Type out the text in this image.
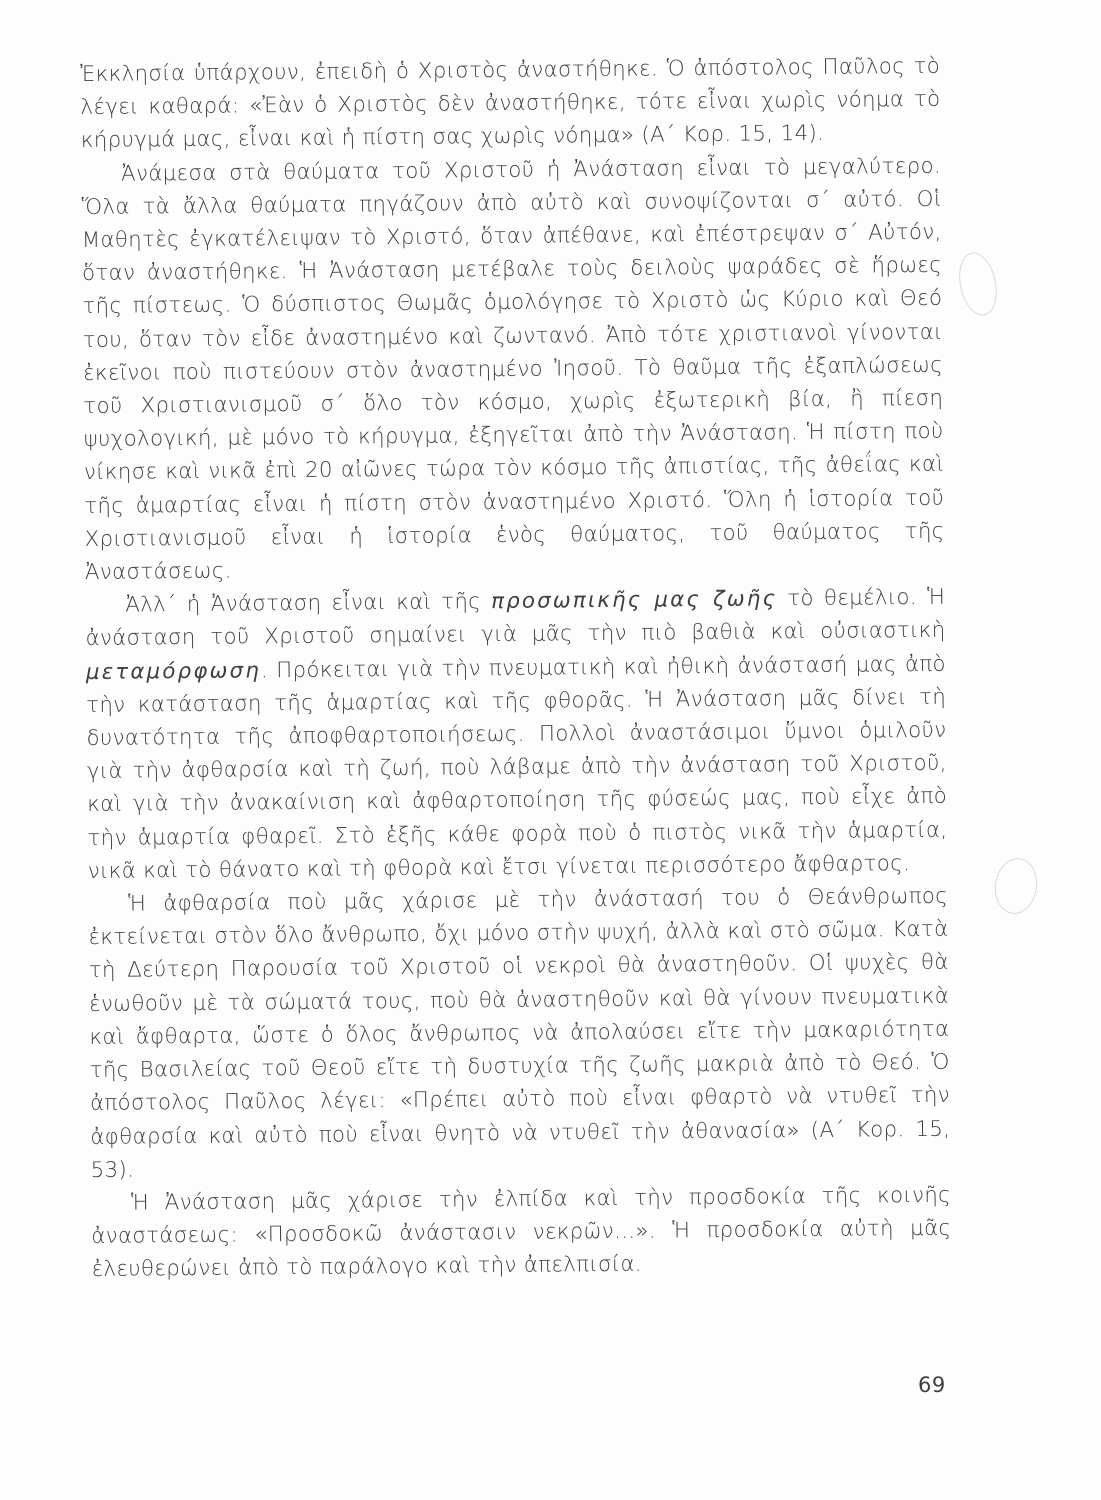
Ἐκκλησία ὑπάρχουν, ἐπειδὴ ὁ Χριστὸς ἀναστήθηκε. Ὁ ἀπόστολος Παῦλος τὸ λέγει καθαρά: «Ἐὰν ὁ Χριστὸς δὲν ἀναστήθηκε, τότε εἶναι χωρὶς νόημα τὸ κήρυγμά μας, εἶναι καὶ ἡ πίστη σας χωρὶς νόημα» (Α΄ Κορ. 15, 14).

Ἀνάμεσα στὰ θαύματα τοῦ Χριστοῦ ἡ Ἀνάσταση εἶναι τὸ μεγαλύτερο. Ὅλα τὰ ἄλλα θαύματα πηγάζουν ἀπὸ αὐτὸ καὶ συνοψίζονται σ΄ αὐτό. Οἱ Μαθητὲς ἐγκατέλειψαν τὸ Χριστό, ὅταν ἀπέθανε, καὶ ἐπέστρεψαν σ΄ Αὐτόν, ὅταν ἀναστήθηκε. Ἡ Ἀνάσταση μετέβαλε τοὺς δειλοὺς ψαράδες σὲ ἥρωες τῆς πίστεως. Ὁ δύσπιστος Θωμᾶς ὁμολόγησε τὸ Χριστὸ ὡς Κύριο καὶ Θεό του, ὅταν τὸν εἶδε ἀναστημένο καὶ ζωντανό. Ἀπὸ τότε χριστιανοὶ γίνονται ἐκεῖνοι ποὺ πιστεύουν στὸν ἀναστημένο Ἰησοῦ. Τὸ θαῦμα τῆς ἐξαπλώσεως τοῦ Χριστιανισμοῦ σ΄ ὅλο τὸν κόσμο, χωρὶς ἐξωτερικὴ βία, ἢ πίεση ψυχολογική, μὲ μόνο τὸ κήρυγμα, ἐξηγεῖται ἀπὸ τὴν Ἀνάσταση. Ἡ πίστη ποὺ νίκησε καὶ νικᾶ ἐπὶ 20 αἰῶνες τώρα τὸν κόσμο τῆς ἀπιστίας, τῆς ἀθεΐας καὶ τῆς ἁμαρτίας εἶναι ἡ πίστη στὸν ἀναστημένο Χριστό. Ὅλη ἡ ἱστορία τοῦ Χριστιανισμοῦ εἶναι ἡ ἱστορία ἑνὸς θαύματος, τοῦ θαύματος τῆς Ἀναστάσεως.

Ἀλλ΄ ἡ Ἀνάσταση εἶναι καὶ τῆς προσωπικῆς μας ζωῆς τὸ θεμέλιο. Ἡ ἀνάσταση τοῦ Χριστοῦ σημαίνει γιὰ μᾶς τὴν πιὸ βαθιὰ καὶ οὐσιαστικὴ μεταμόρφωση. Πρόκειται γιὰ τὴν πνευματικὴ καὶ ἠθικὴ ἀνάστασή μας ἀπὸ τὴν κατάσταση τῆς ἁμαρτίας καὶ τῆς φθορᾶς. Ἡ Ἀνάσταση μᾶς δίνει τὴ δυνατότητα τῆς ἀποφθαρτοποιήσεως. Πολλοὶ ἀναστάσιμοι ὕμνοι ὁμιλοῦν γιὰ τὴν ἀφθαρσία καὶ τὴ ζωή, ποὺ λάβαμε ἀπὸ τὴν ἀνάσταση τοῦ Χριστοῦ, καὶ γιὰ τὴν ἀνακαίνιση καὶ ἀφθαρτοποίηση τῆς φύσεώς μας, ποὺ εἶχε ἀπὸ τὴν ἁμαρτία φθαρεῖ. Στὸ ἑξῆς κάθε φορὰ ποὺ ὁ πιστὸς νικᾶ τὴν ἁμαρτία, νικᾶ καὶ τὸ θάνατο καὶ τὴ φθορὰ καὶ ἔτσι γίνεται περισσότερο ἄφθαρτος.

Ἡ ἀφθαρσία ποὺ μᾶς χάρισε μὲ τὴν ἀνάστασή του ὁ Θεάνθρωπος ἐκτείνεται στὸν ὅλο ἄνθρωπο, ὄχι μόνο στὴν ψυχή, ἀλλὰ καὶ στὸ σῶμα. Κατὰ τὴ Δεύτερη Παρουσία τοῦ Χριστοῦ οἱ νεκροὶ θὰ ἀναστηθοῦν. Οἱ ψυχὲς θὰ ἑνωθοῦν μὲ τὰ σώματά τους, ποὺ θὰ ἀναστηθοῦν καὶ θὰ γίνουν πνευματικὰ καὶ ἄφθαρτα, ὥστε ὁ ὅλος ἄνθρωπος νὰ ἀπολαύσει εἴτε τὴν μακαριότητα τῆς Βασιλείας τοῦ Θεοῦ εἴτε τὴ δυστυχία τῆς ζωῆς μακριὰ ἀπὸ τὸ Θεό. Ὁ ἀπόστολος Παῦλος λέγει: «Πρέπει αὐτὸ ποὺ εἶναι φθαρτὸ νὰ ντυθεῖ τὴν ἀφθαρσία καὶ αὐτὸ ποὺ εἶναι θνητὸ νὰ ντυθεῖ τὴν ἀθανασία» (Α΄ Κορ. 15, 53).

Ἡ Ἀνάσταση μᾶς χάρισε τὴν ἐλπίδα καὶ τὴν προσδοκία τῆς κοινῆς ἀναστάσεως: «Προσδοκῶ ἀνάστασιν νεκρῶν...». Ἡ προσδοκία αὐτὴ μᾶς ἐλευθερώνει ἀπὸ τὸ παράλογο καὶ τὴν ἀπελπισία.

69
